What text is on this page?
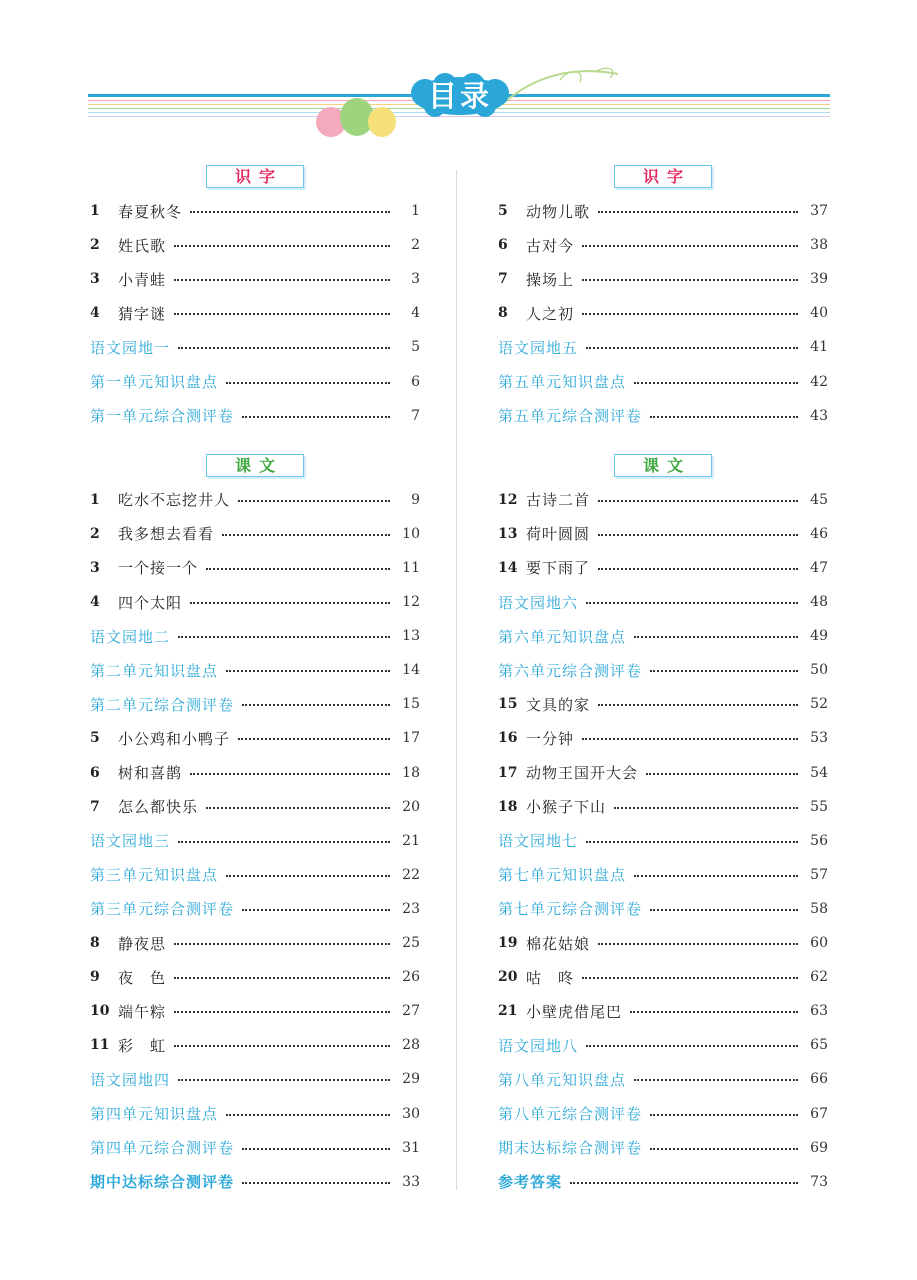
目录
识字
1	春夏秋冬	1
2	姓氏歌	2
3	小青蛙	3
4	猜字谜	4
语文园地一	5
第一单元知识盘点	6
第一单元综合测评卷	7
课文
1	吃水不忘挖井人	9
2	我多想去看看	10
3	一个接一个	11
4	四个太阳	12
语文园地二	13
第二单元知识盘点	14
第二单元综合测评卷	15
5	小公鸡和小鸭子	17
6	树和喜鹊	18
7	怎么都快乐	20
语文园地三	21
第三单元知识盘点	22
第三单元综合测评卷	23
8	静夜思	25
9	夜　色	26
10 端午粽	27
11 彩　虹	28
语文园地四	29
第四单元知识盘点	30
第四单元综合测评卷	31
期中达标综合测评卷	33
识字
5	动物儿歌	37
6	古对今	38
7	操场上	39
8	人之初	40
语文园地五	41
第五单元知识盘点	42
第五单元综合测评卷	43
课文
12 古诗二首	45
13 荷叶圆圆	46
14 要下雨了	47
语文园地六	48
第六单元知识盘点	49
第六单元综合测评卷	50
15 文具的家	52
16 一分钟	53
17 动物王国开大会	54
18 小猴子下山	55
语文园地七	56
第七单元知识盘点	57
第七单元综合测评卷	58
19 棉花姑娘	60
20 咕　咚	62
21 小壁虎借尾巴	63
语文园地八	65
第八单元知识盘点	66
第八单元综合测评卷	67
期末达标综合测评卷	69
参考答案	73
